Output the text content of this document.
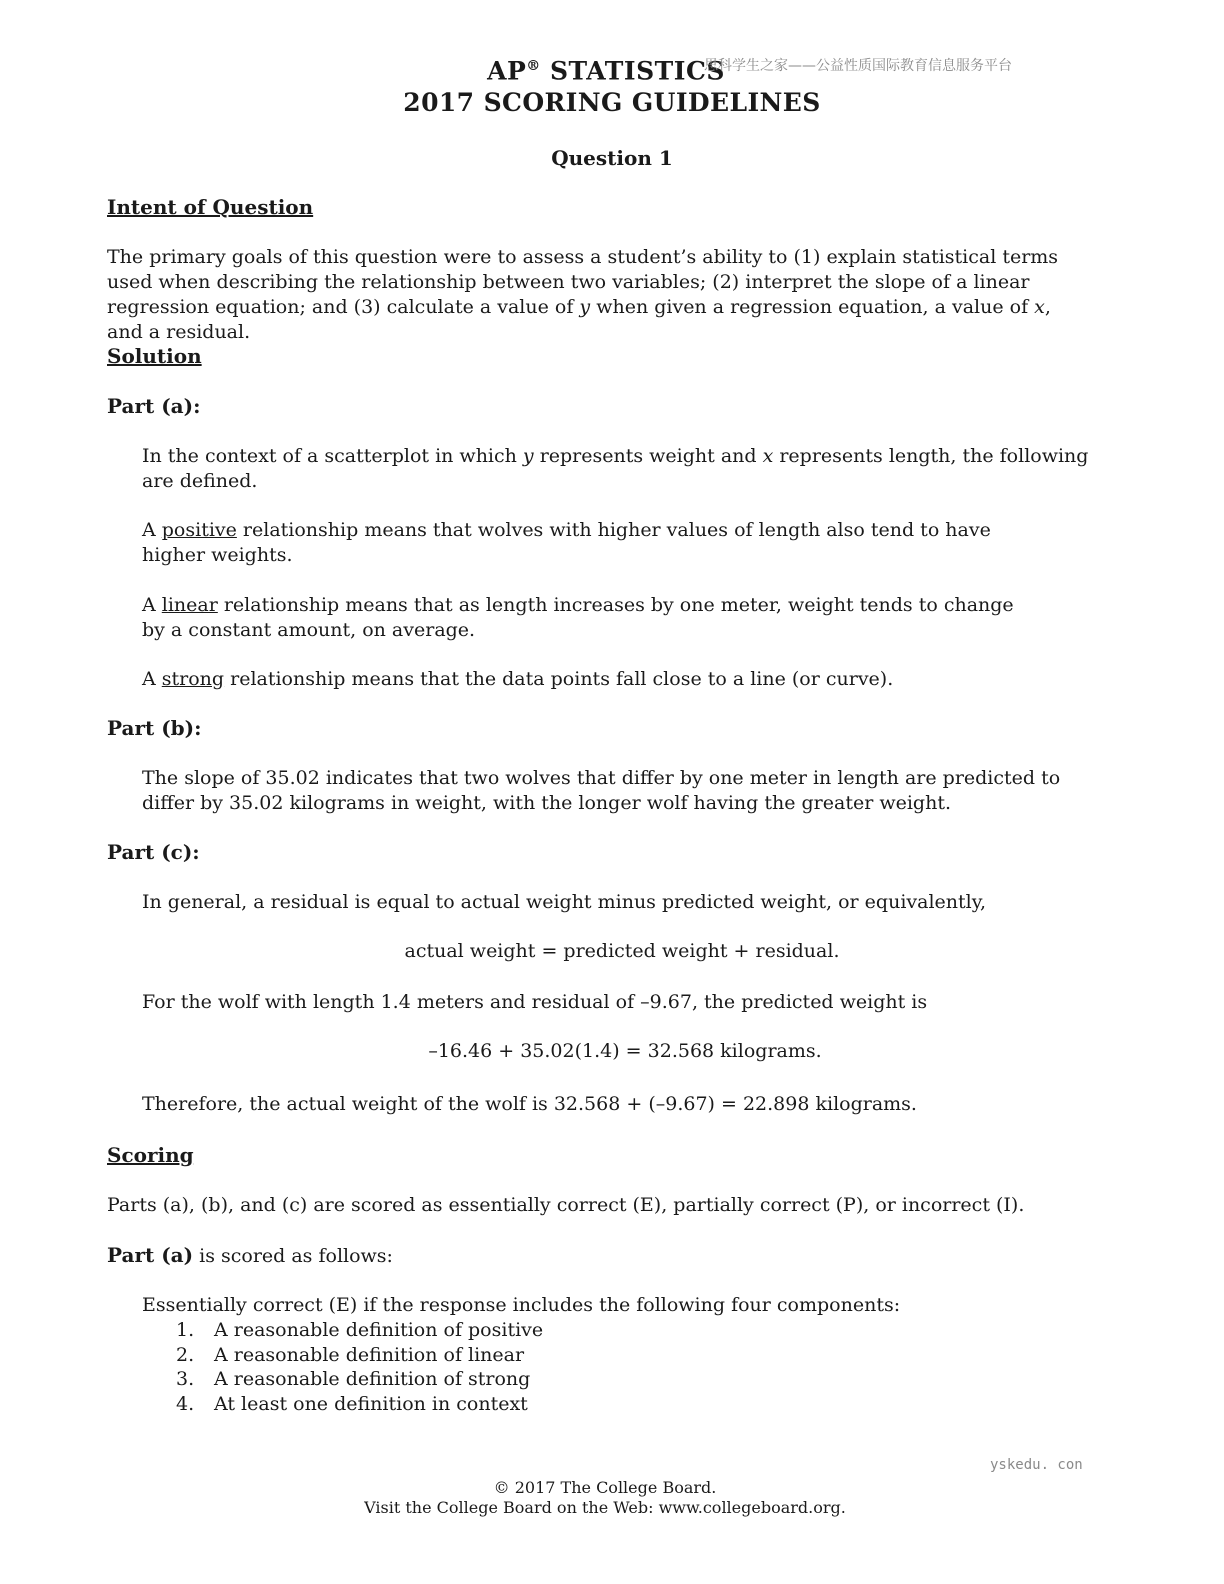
AP® STATISTICS
2017 SCORING GUIDELINES
思科学生之家——公益性质国际教育信息服务平台
Question 1
Intent of Question
The primary goals of this question were to assess a student’s ability to (1) explain statistical terms used when describing the relationship between two variables; (2) interpret the slope of a linear regression equation; and (3) calculate a value of y when given a regression equation, a value of x, and a residual.
Solution
Part (a):
In the context of a scatterplot in which y represents weight and x represents length, the following are defined.
A positive relationship means that wolves with higher values of length also tend to have higher weights.
A linear relationship means that as length increases by one meter, weight tends to change by a constant amount, on average.
A strong relationship means that the data points fall close to a line (or curve).
Part (b):
The slope of 35.02 indicates that two wolves that differ by one meter in length are predicted to differ by 35.02 kilograms in weight, with the longer wolf having the greater weight.
Part (c):
In general, a residual is equal to actual weight minus predicted weight, or equivalently,
actual weight = predicted weight + residual.
For the wolf with length 1.4 meters and residual of –9.67, the predicted weight is
–16.46 + 35.02(1.4) = 32.568 kilograms.
Therefore, the actual weight of the wolf is 32.568 + (–9.67) = 22.898 kilograms.
Scoring
Parts (a), (b), and (c) are scored as essentially correct (E), partially correct (P), or incorrect (I).
Part (a) is scored as follows:
Essentially correct (E) if the response includes the following four components:
1. A reasonable definition of positive
2. A reasonable definition of linear
3. A reasonable definition of strong
4. At least one definition in context
yskedu. con
© 2017 The College Board.
Visit the College Board on the Web: www.collegeboard.org.
